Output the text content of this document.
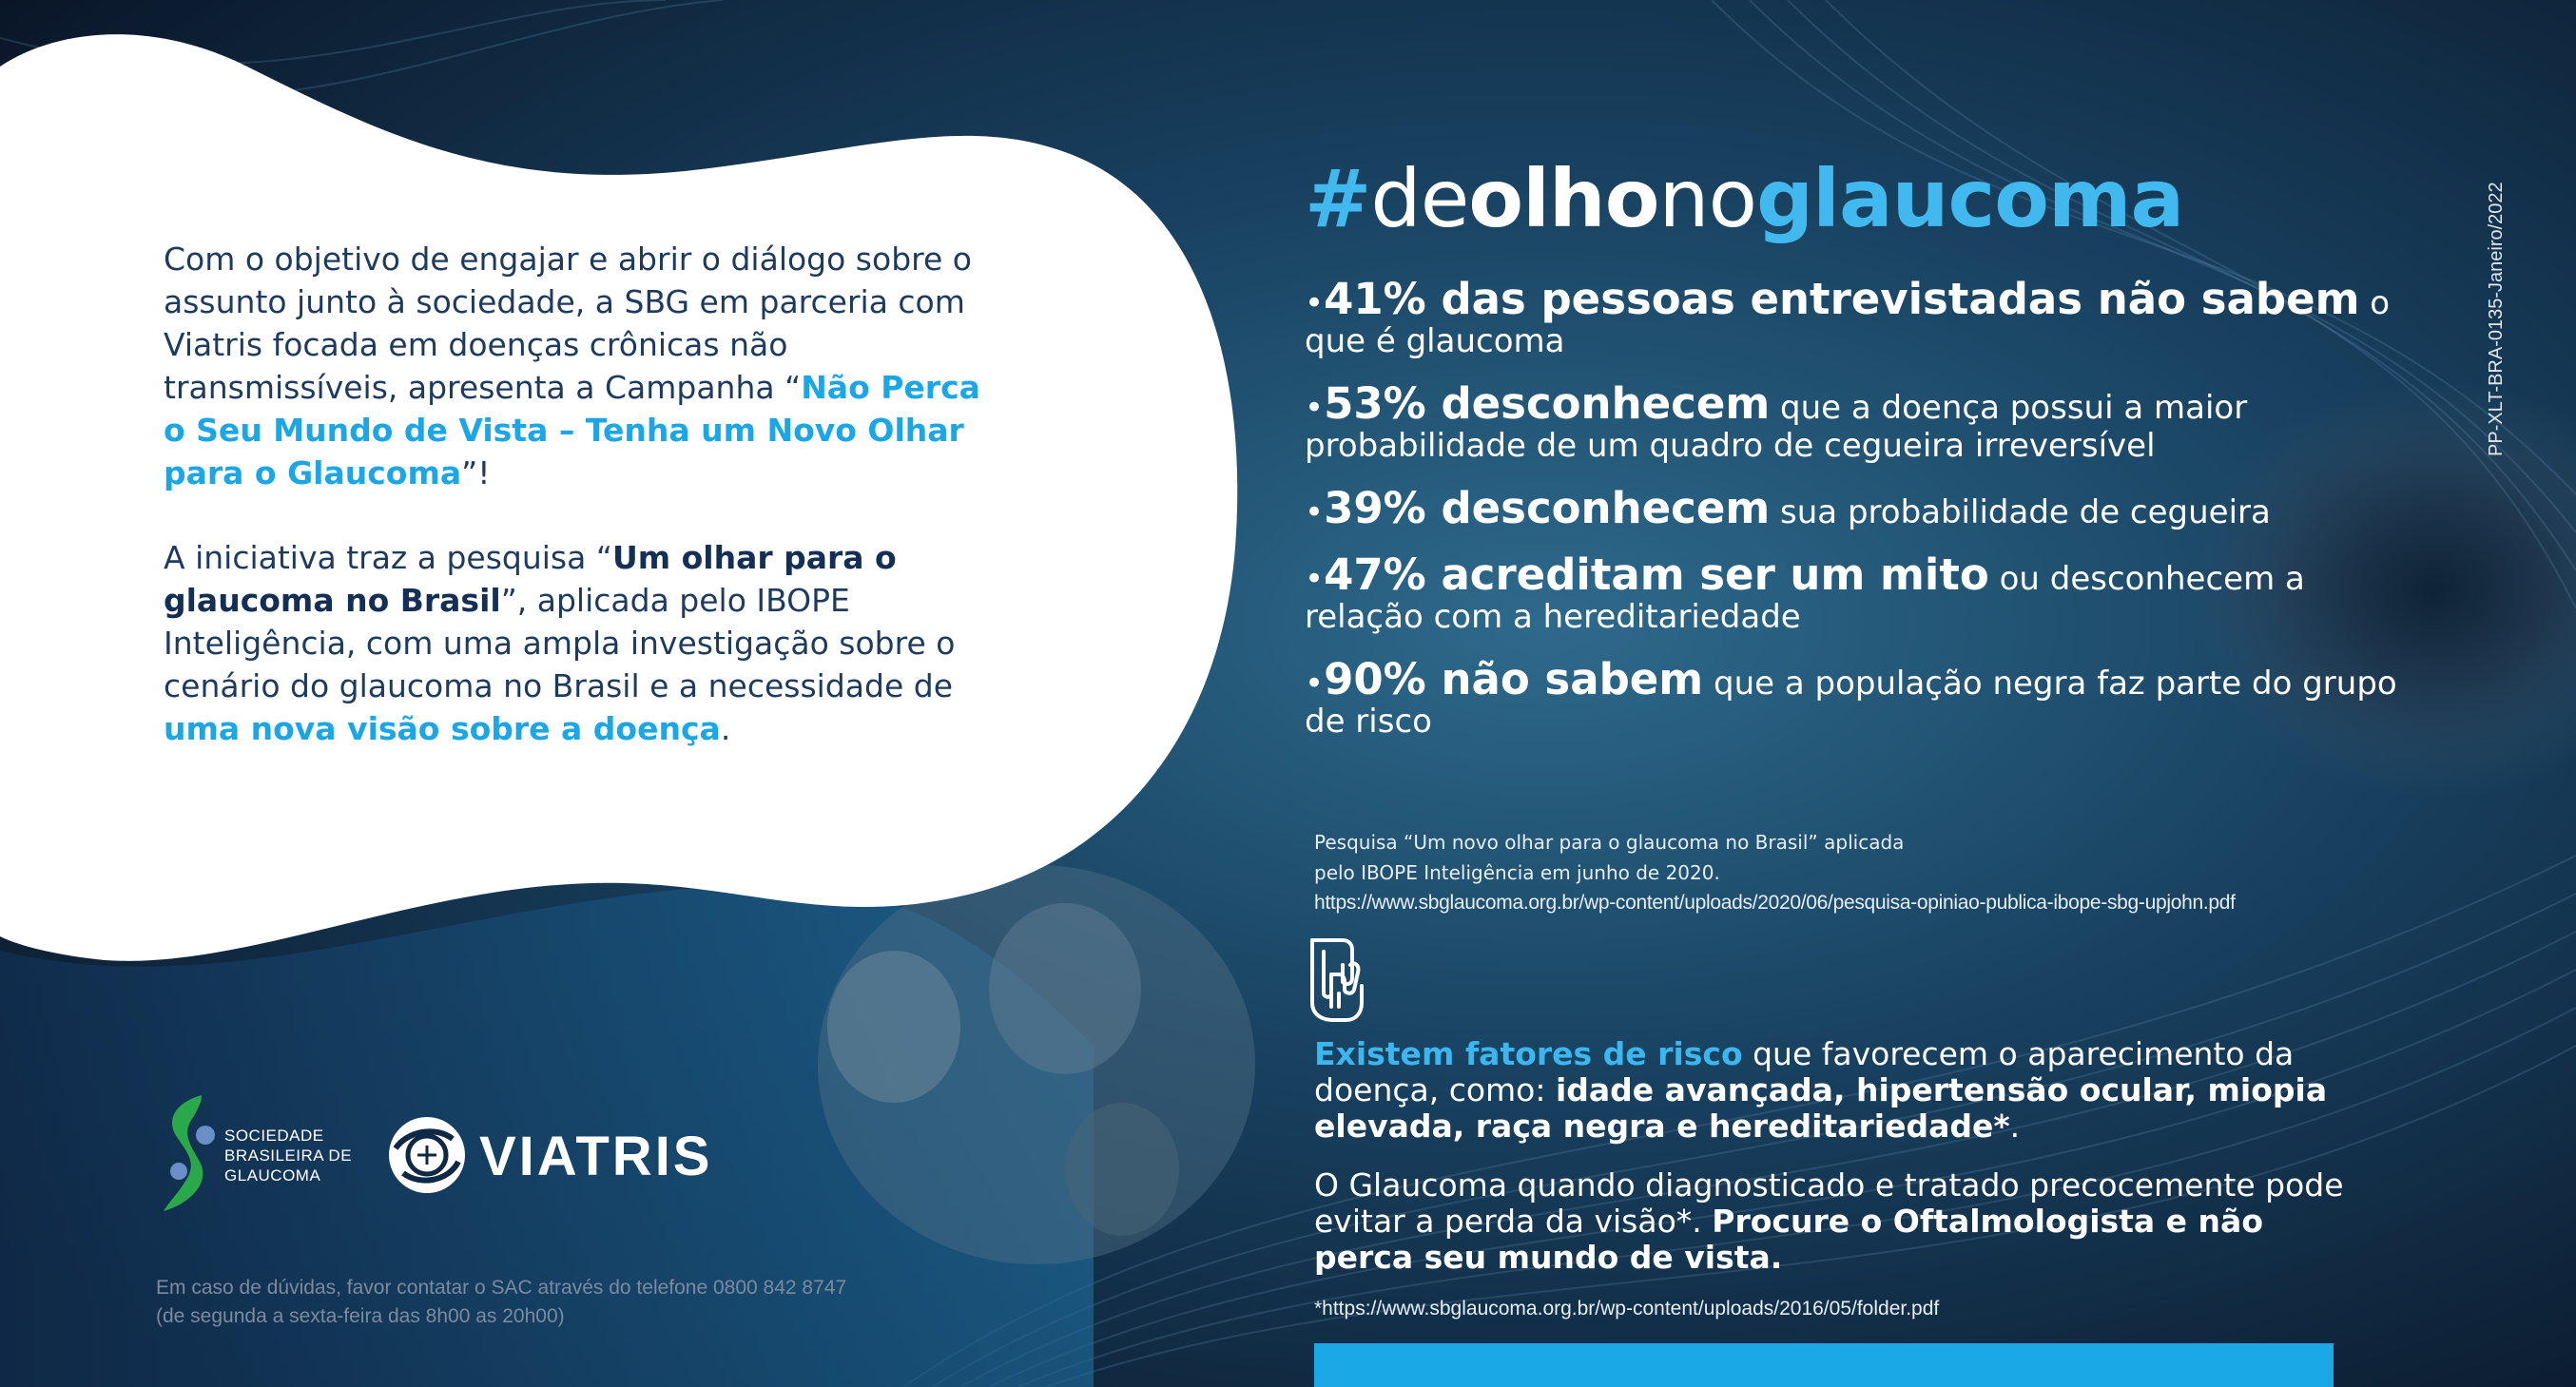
Com o objetivo de engajar e abrir o diálogo sobre o assunto junto à sociedade, a SBG em parceria com Viatris focada em doenças crônicas não transmissíveis, apresenta a Campanha “Não Perca o Seu Mundo de Vista – Tenha um Novo Olhar para o Glaucoma”!

A iniciativa traz a pesquisa “Um olhar para o glaucoma no Brasil”, aplicada pelo IBOPE Inteligência, com uma ampla investigação sobre o cenário do glaucoma no Brasil e a necessidade de uma nova visão sobre a doença.

#deolhonoglaucoma
•41% das pessoas entrevistadas não sabem o que é glaucoma
•53% desconhecem que a doença possui a maior probabilidade de um quadro de cegueira irreversível
•39% desconhecem sua probabilidade de cegueira
•47% acreditam ser um mito ou desconhecem a relação com a hereditariedade
•90% não sabem que a população negra faz parte do grupo de risco
Pesquisa “Um novo olhar para o glaucoma no Brasil” aplicada
pelo IBOPE Inteligência em junho de 2020.
https://www.sbglaucoma.org.br/wp-content/uploads/2020/06/pesquisa-opiniao-publica-ibope-sbg-upjohn.pdf

Existem fatores de risco que favorecem o aparecimento da doença, como: idade avançada, hipertensão ocular, miopia elevada, raça negra e hereditariedade*.

O Glaucoma quando diagnosticado e tratado precocemente pode evitar a perda da visão*. Procure o Oftalmologista e não perca seu mundo de vista.

*https://www.sbglaucoma.org.br/wp-content/uploads/2016/05/folder.pdf
SOCIEDADE
BRASILEIRA DE
GLAUCOMA	VIATRIS
Em caso de dúvidas, favor contatar o SAC através do telefone 0800 842 8747
(de segunda a sexta-feira das 8h00 as 20h00)
PP-XLT-BRA-0135-Janeiro/2022
